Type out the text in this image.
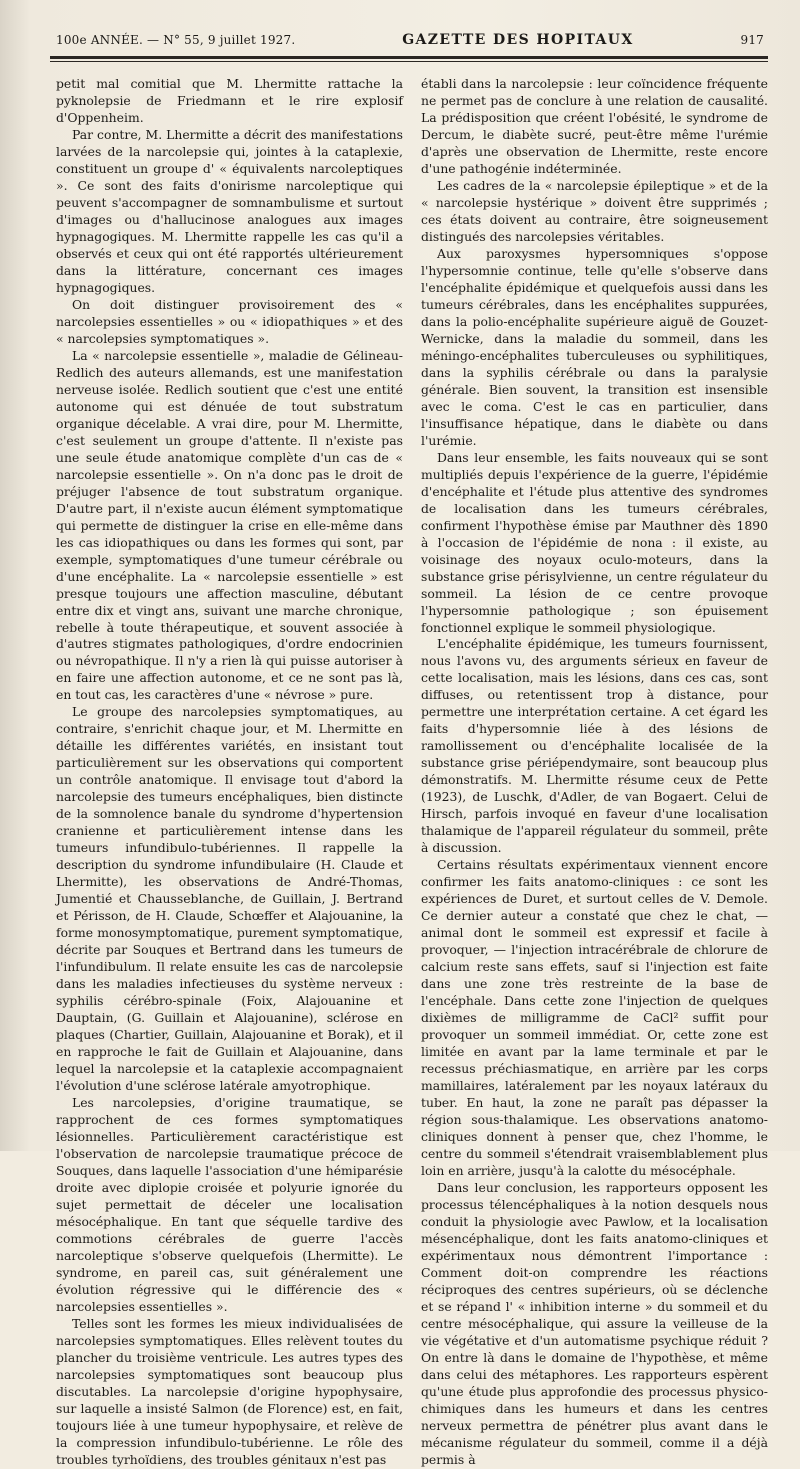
100e ANNÉE. — N° 55, 9 juillet 1927.	GAZETTE DES HOPITAUX	917

petit mal comitial que M. Lhermitte rattache la pyknolepsie de Friedmann et le rire explosif d'Oppenheim.

Par contre, M. Lhermitte a décrit des manifestations larvées de la narcolepsie qui, jointes à la cataplexie, constituent un groupe d' « équivalents narcoleptiques ». Ce sont des faits d'onirisme narcoleptique qui peuvent s'accompagner de somnambulisme et surtout d'images ou d'hallucinose analogues aux images hypnagogiques. M. Lhermitte rappelle les cas qu'il a observés et ceux qui ont été rapportés ultérieurement dans la littérature, concernant ces images hypnagogiques.

On doit distinguer provisoirement des « narcolepsies essentielles » ou « idiopathiques » et des « narcolepsies symptomatiques ».

La « narcolepsie essentielle », maladie de Gélineau-Redlich des auteurs allemands, est une manifestation nerveuse isolée. Redlich soutient que c'est une entité autonome qui est dénuée de tout substratum organique décelable. A vrai dire, pour M. Lhermitte, c'est seulement un groupe d'attente. Il n'existe pas une seule étude anatomique complète d'un cas de « narcolepsie essentielle ». On n'a donc pas le droit de préjuger l'absence de tout substratum organique. D'autre part, il n'existe aucun élément symptomatique qui permette de distinguer la crise en elle-même dans les cas idiopathiques ou dans les formes qui sont, par exemple, symptomatiques d'une tumeur cérébrale ou d'une encéphalite. La « narcolepsie essentielle » est presque toujours une affection masculine, débutant entre dix et vingt ans, suivant une marche chronique, rebelle à toute thérapeutique, et souvent associée à d'autres stigmates pathologiques, d'ordre endocrinien ou névropathique. Il n'y a rien là qui puisse autoriser à en faire une affection autonome, et ce ne sont pas là, en tout cas, les caractères d'une « névrose » pure.

Le groupe des narcolepsies symptomatiques, au contraire, s'enrichit chaque jour, et M. Lhermitte en détaille les différentes variétés, en insistant tout particulièrement sur les observations qui comportent un contrôle anatomique. Il envisage tout d'abord la narcolepsie des tumeurs encéphaliques, bien distincte de la somnolence banale du syndrome d'hypertension cranienne et particulièrement intense dans les tumeurs infundibulo-tubériennes. Il rappelle la description du syndrome infundibulaire (H. Claude et Lhermitte), les observations de André-Thomas, Jumentié et Chausseblanche, de Guillain, J. Bertrand et Périsson, de H. Claude, Schœffer et Alajouanine, la forme monosymptomatique, purement symptomatique, décrite par Souques et Bertrand dans les tumeurs de l'infundibulum. Il relate ensuite les cas de narcolepsie dans les maladies infectieuses du système nerveux : syphilis cérébro-spinale (Foix, Alajouanine et Dauptain, (G. Guillain et Alajouanine), sclérose en plaques (Chartier, Guillain, Alajouanine et Borak), et il en rapproche le fait de Guillain et Alajouanine, dans lequel la narcolepsie et la cataplexie accompagnaient l'évolution d'une sclérose latérale amyotrophique.

Les narcolepsies, d'origine traumatique, se rapprochent de ces formes symptomatiques lésionnelles. Particulièrement caractéristique est l'observation de narcolepsie traumatique précoce de Souques, dans laquelle l'association d'une hémiparésie droite avec diplopie croisée et polyurie ignorée du sujet permettait de déceler une localisation mésocéphalique. En tant que séquelle tardive des commotions cérébrales de guerre l'accès narcoleptique s'observe quelquefois (Lhermitte). Le syndrome, en pareil cas, suit généralement une évolution régressive qui le différencie des « narcolepsies essentielles ».

Telles sont les formes les mieux individualisées de narcolepsies symptomatiques. Elles relèvent toutes du plancher du troisième ventricule. Les autres types des narcolepsies symptomatiques sont beaucoup plus discutables. La narcolepsie d'origine hypophysaire, sur laquelle a insisté Salmon (de Florence) est, en fait, toujours liée à une tumeur hypophysaire, et relève de la compression infundibulo-tubérienne. Le rôle des troubles tyrhoïdiens, des troubles génitaux n'est pas

établi dans la narcolepsie : leur coïncidence fréquente ne permet pas de conclure à une relation de causalité. La prédisposition que créent l'obésité, le syndrome de Dercum, le diabète sucré, peut-être même l'urémie d'après une observation de Lhermitte, reste encore d'une pathogénie indéterminée.

Les cadres de la « narcolepsie épileptique » et de la « narcolepsie hystérique » doivent être supprimés ; ces états doivent au contraire, être soigneusement distingués des narcolepsies véritables.

Aux paroxysmes hypersomniques s'oppose l'hypersomnie continue, telle qu'elle s'observe dans l'encéphalite épidémique et quelquefois aussi dans les tumeurs cérébrales, dans les encéphalites suppurées, dans la polio-encéphalite supérieure aiguë de Gouzet-Wernicke, dans la maladie du sommeil, dans les méningo-encéphalites tuberculeuses ou syphilitiques, dans la syphilis cérébrale ou dans la paralysie générale. Bien souvent, la transition est insensible avec le coma. C'est le cas en particulier, dans l'insuffisance hépatique, dans le diabète ou dans l'urémie.

Dans leur ensemble, les faits nouveaux qui se sont multipliés depuis l'expérience de la guerre, l'épidémie d'encéphalite et l'étude plus attentive des syndromes de localisation dans les tumeurs cérébrales, confirment l'hypothèse émise par Mauthner dès 1890 à l'occasion de l'épidémie de nona : il existe, au voisinage des noyaux oculo-moteurs, dans la substance grise périsylvienne, un centre régulateur du sommeil. La lésion de ce centre provoque l'hypersomnie pathologique ; son épuisement fonctionnel explique le sommeil physiologique.

L'encéphalite épidémique, les tumeurs fournissent, nous l'avons vu, des arguments sérieux en faveur de cette localisation, mais les lésions, dans ces cas, sont diffuses, ou retentissent trop à distance, pour permettre une interprétation certaine. A cet égard les faits d'hypersomnie liée à des lésions de ramollissement ou d'encéphalite localisée de la substance grise périépendymaire, sont beaucoup plus démonstratifs. M. Lhermitte résume ceux de Pette (1923), de Luschk, d'Adler, de van Bogaert. Celui de Hirsch, parfois invoqué en faveur d'une localisation thalamique de l'appareil régulateur du sommeil, prête à discussion.

Certains résultats expérimentaux viennent encore confirmer les faits anatomo-cliniques : ce sont les expériences de Duret, et surtout celles de V. Demole. Ce dernier auteur a constaté que chez le chat, — animal dont le sommeil est expressif et facile à provoquer, — l'injection intracérébrale de chlorure de calcium reste sans effets, sauf si l'injection est faite dans une zone très restreinte de la base de l'encéphale. Dans cette zone l'injection de quelques dixièmes de milligramme de CaCl² suffit pour provoquer un sommeil immédiat. Or, cette zone est limitée en avant par la lame terminale et par le recessus préchiasmatique, en arrière par les corps mamillaires, latéralement par les noyaux latéraux du tuber. En haut, la zone ne paraît pas dépasser la région sous-thalamique. Les observations anatomo-cliniques donnent à penser que, chez l'homme, le centre du sommeil s'étendrait vraisemblablement plus loin en arrière, jusqu'à la calotte du mésocéphale.

Dans leur conclusion, les rapporteurs opposent les processus télencéphaliques à la notion desquels nous conduit la physiologie avec Pawlow, et la localisation mésencéphalique, dont les faits anatomo-cliniques et expérimentaux nous démontrent l'importance : Comment doit-on comprendre les réactions réciproques des centres supérieurs, où se déclenche et se répand l' « inhibition interne » du sommeil et du centre mésocéphalique, qui assure la veilleuse de la vie végétative et d'un automatisme psychique réduit ? On entre là dans le domaine de l'hypothèse, et même dans celui des métaphores. Les rapporteurs espèrent qu'une étude plus approfondie des processus physico-chimiques dans les humeurs et dans les centres nerveux permettra de pénétrer plus avant dans le mécanisme régulateur du sommeil, comme il a déjà permis à
